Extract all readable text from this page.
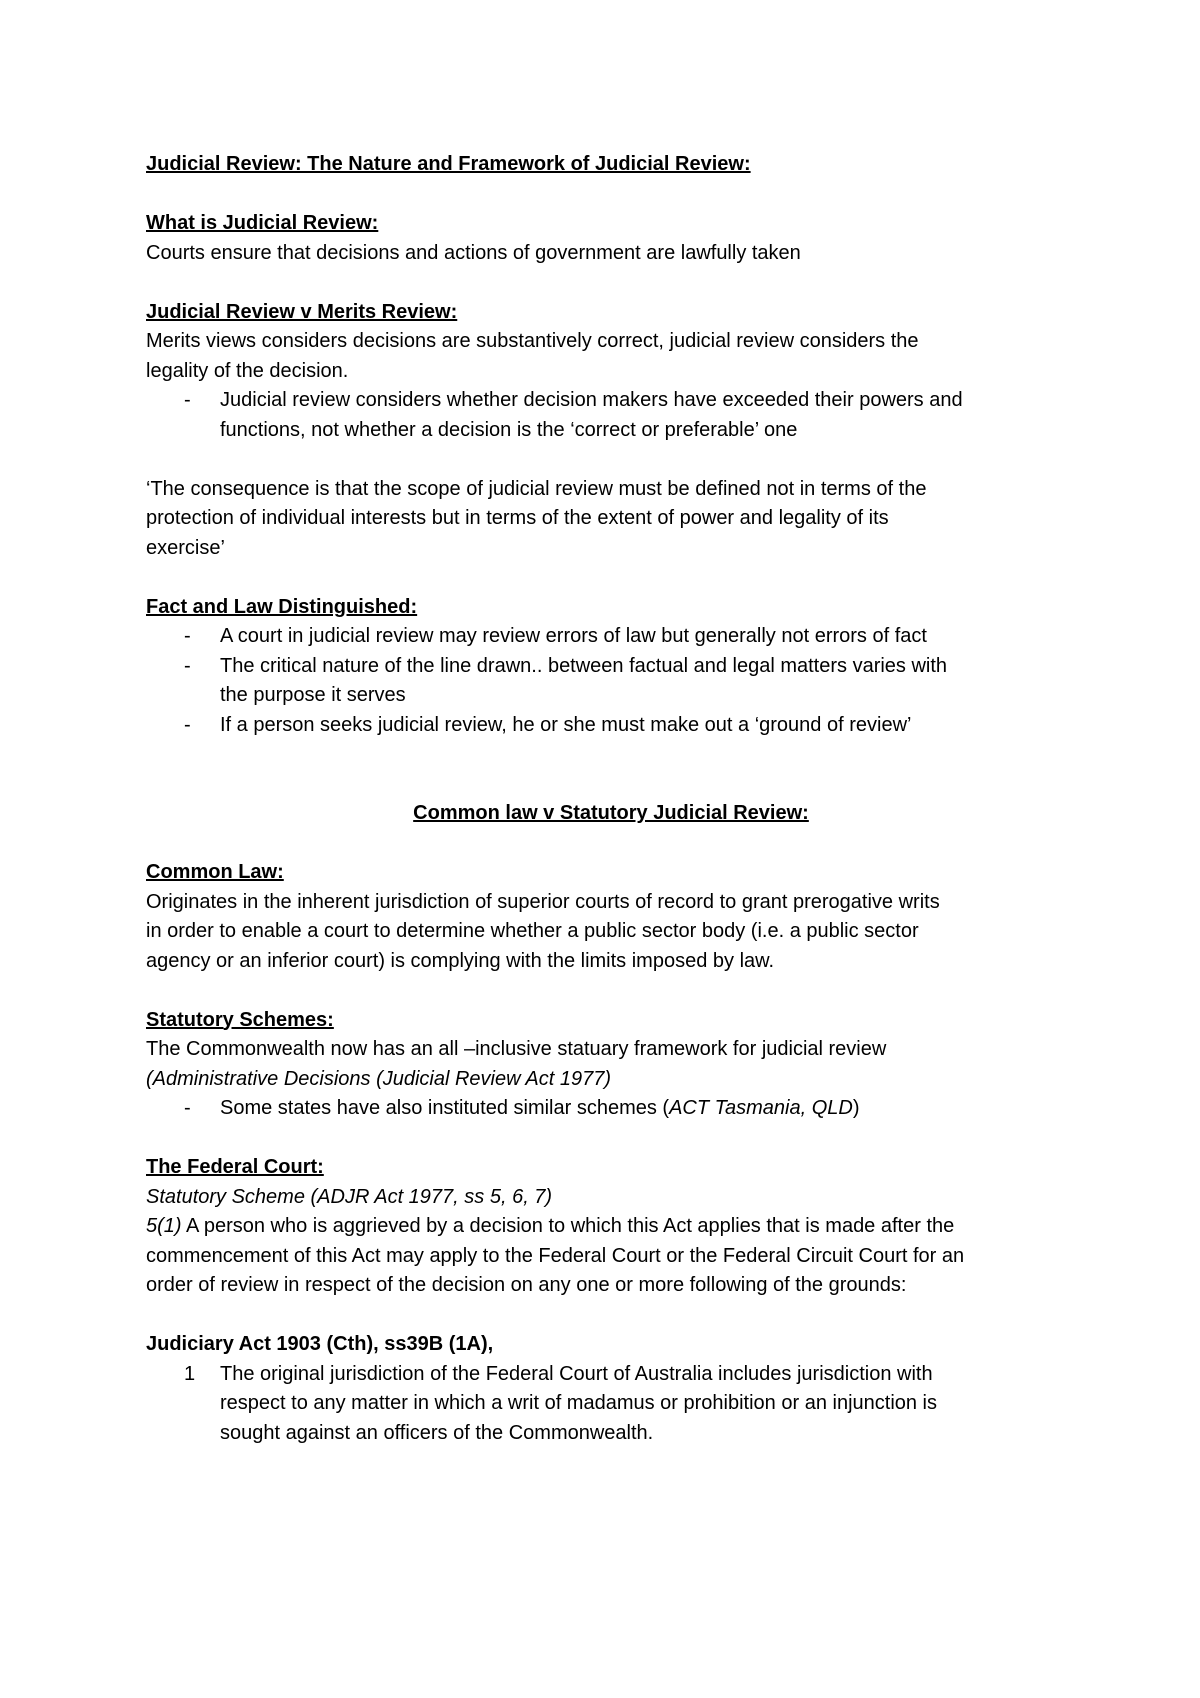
Judicial Review: The Nature and Framework of Judicial Review:
What is Judicial Review:
Courts ensure that decisions and actions of government are lawfully taken
Judicial Review v Merits Review:
Merits views considers decisions are substantively correct, judicial review considers the
legality of the decision.
- Judicial review considers whether decision makers have exceeded their powers and
functions, not whether a decision is the ‘correct or preferable’ one
‘The consequence is that the scope of judicial review must be defined not in terms of the
protection of individual interests but in terms of the extent of power and legality of its
exercise’
Fact and Law Distinguished:
- A court in judicial review may review errors of law but generally not errors of fact
- The critical nature of the line drawn.. between factual and legal matters varies with
the purpose it serves
- If a person seeks judicial review, he or she must make out a ‘ground of review’
Common law v Statutory Judicial Review:
Common Law:
Originates in the inherent jurisdiction of superior courts of record to grant prerogative writs
in order to enable a court to determine whether a public sector body (i.e. a public sector
agency or an inferior court) is complying with the limits imposed by law.
Statutory Schemes:
The Commonwealth now has an all –inclusive statuary framework for judicial review
(Administrative Decisions (Judicial Review Act 1977)
- Some states have also instituted similar schemes (ACT Tasmania, QLD)
The Federal Court:
Statutory Scheme (ADJR Act 1977, ss 5, 6, 7)
5(1) A person who is aggrieved by a decision to which this Act applies that is made after the
commencement of this Act may apply to the Federal Court or the Federal Circuit Court for an
order of review in respect of the decision on any one or more following of the grounds:
Judiciary Act 1903 (Cth), ss39B (1A),
1 The original jurisdiction of the Federal Court of Australia includes jurisdiction with
respect to any matter in which a writ of madamus or prohibition or an injunction is
sought against an officers of the Commonwealth.
